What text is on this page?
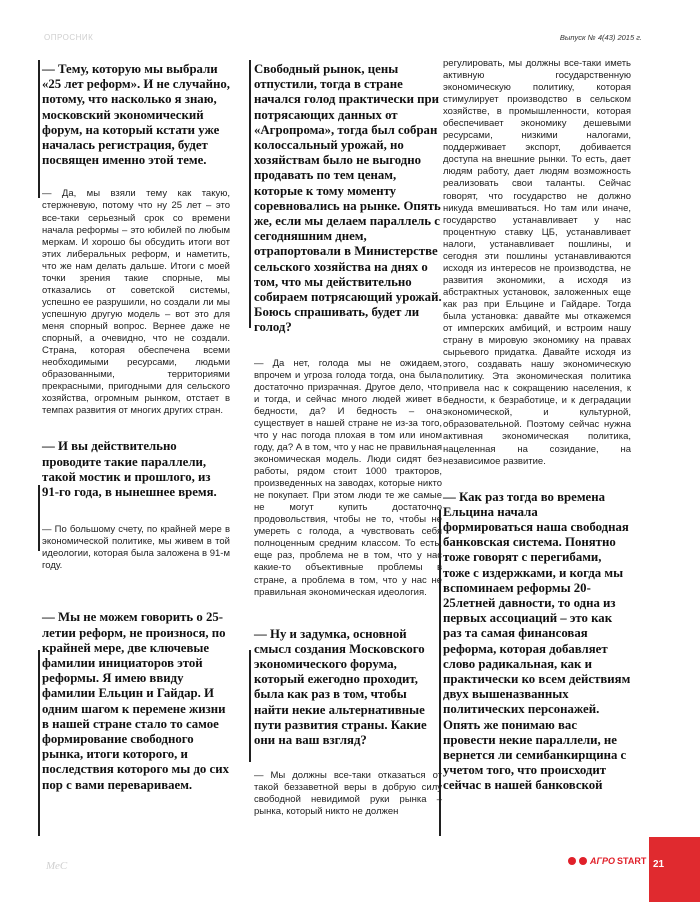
ОПРОСНИК	Выпуск № 4(43) 2015 г.

— Тему, которую мы выбрали «25 лет реформ». И не случайно, потому, что насколько я знаю, московский экономический форум, на который кстати уже началась регистрация, будет посвящен именно этой теме.

— Да, мы взяли тему как такую, стержневую, потому что ну 25 лет – это все-таки серьезный срок со времени начала реформы – это юбилей по любым меркам. И хорошо бы обсудить итоги вот этих либеральных реформ, и наметить, что же нам делать дальше. Итоги с моей точки зрения такие спорные, мы отказались от советской системы, успешно ее разрушили, но создали ли мы успешную другую модель – вот это для меня спорный вопрос. Вернее даже не спорный, а очевидно, что не создали. Страна, которая обеспечена всеми необходимыми ресурсами, людьми образованными, территориями прекрасными, пригодными для сельского хозяйства, огромным рынком, отстает в темпах развития от многих других стран.

— И вы действительно проводите такие параллели, такой мостик и прошлого, из 91-го года, в нынешнее время.

— По большому счету, по крайней мере в экономической политике, мы живем в той идеологии, которая была заложена в 91-м году.

— Мы не можем говорить о 25-летии реформ, не произнося, по крайней мере, две ключевые фамилии инициаторов этой реформы. Я имею ввиду фамилии Ельцин и Гайдар. И одним шагом к перемене жизни в нашей стране стало то самое формирование свободного рынка, итоги которого, и последствия которого мы до сих пор с вами перевариваем.

Свободный рынок, цены отпустили, тогда в стране начался голод практически при потрясающих данных от «Агропрома», тогда был собран колоссальный урожай, но хозяйствам было не выгодно продавать по тем ценам, которые к тому моменту соревновались на рынке. Опять же, если мы делаем параллель с сегодняшним днем, отрапортовали в Министерстве сельского хозяйства на днях о том, что мы действительно собираем потрясающий урожай. Боюсь спрашивать, будет ли голод?

— Да нет, голода мы не ожидаем, впрочем и угроза голода тогда, она была достаточно призрачная. Другое дело, что и тогда, и сейчас много людей живет в бедности, да? И бедность – она существует в нашей стране не из-за того, что у нас погода плохая в том или ином году, да? А в том, что у нас не правильная экономическая модель. Люди сидят без работы, рядом стоит 1000 тракторов, произведенных на заводах, которые никто не покупает. При этом люди те же самые не могут купить достаточно продовольствия, чтобы не то, чтобы не умереть с голода, а чувствовать себя полноценным средним классом. То есть, еще раз, проблема не в том, что у нас какие-то объективные проблемы в стране, а проблема в том, что у нас не правильная экономическая идеология.

— Ну и задумка, основной смысл создания Московского экономического форума, который ежегодно проходит, была как раз в том, чтобы найти некие альтернативные пути развития страны. Какие они на ваш взгляд?

— Мы должны все-таки отказаться от такой беззаветной веры в добрую силу свободной невидимой руки рынка – рынка, который никто не должен

регулировать, мы должны все-таки иметь активную государственную экономическую политику, которая стимулирует производство в сельском хозяйстве, в промышленности, которая обеспечивает экономику дешевыми ресурсами, низкими налогами, поддерживает экспорт, добивается доступа на внешние рынки. То есть, дает людям работу, дает людям возможность реализовать свои таланты. Сейчас говорят, что государство не должно никуда вмешиваться. Но там или иначе, государство устанавливает у нас процентную ставку ЦБ, устанавливает налоги, устанавливает пошлины, и сегодня эти пошлины устанавливаются исходя из интересов не производства, не развития экономики, а исходя из абстрактных установок, заложенных еще как раз при Ельцине и Гайдаре. Тогда была установка: давайте мы откажемся от имперских амбиций, и встроим нашу страну в мировую экономику на правах сырьевого придатка. Давайте исходя из этого, создавать нашу экономическую политику. Эта экономическая политика привела нас к сокращению населения, к бедности, к безработице, и к деградации экономической, и культурной, образовательной. Поэтому сейчас нужна активная экономическая политика, нацеленная на созидание, на независимое развитие.

— Как раз тогда во времена Ельцина начала формироваться наша свободная банковская система. Понятно тоже говорят с перегибами, тоже с издержками, и когда мы вспоминаем реформы 20-25летней давности, то одна из первых ассоциаций – это как раз та самая финансовая реформа, которая добавляет слово радикальная, как и практически ко всем действиям двух вышеназванных политических персонажей. Опять же понимаю вас провести некие параллели, не вернется ли семибанкирщина с учетом того, что происходит сейчас в нашей банковской

МеС	АГРО START 21
